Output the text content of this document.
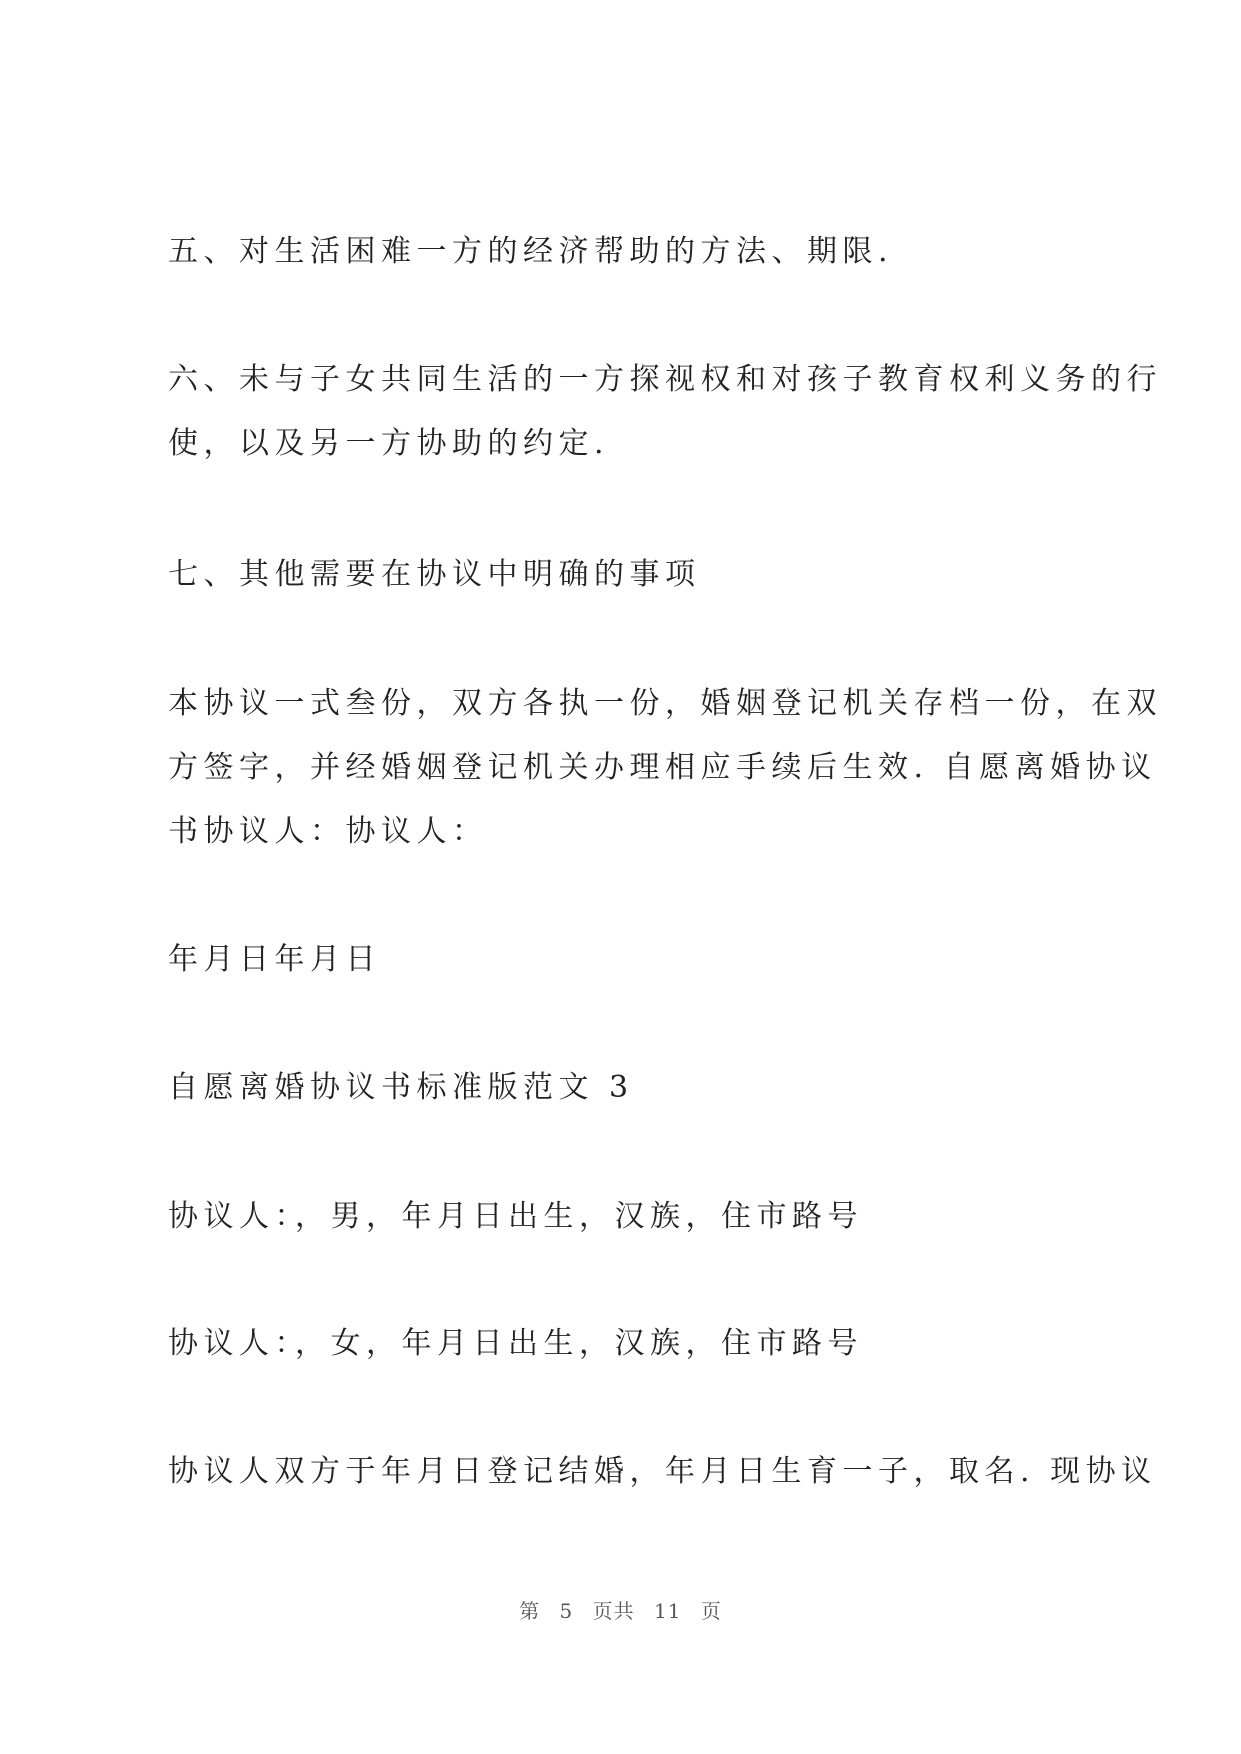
五、对生活困难一方的经济帮助的方法、期限.
六、未与子女共同生活的一方探视权和对孩子教育权利义务的行
使，以及另一方协助的约定.
七、其他需要在协议中明确的事项
本协议一式叁份，双方各执一份，婚姻登记机关存档一份，在双
方签字，并经婚姻登记机关办理相应手续后生效. 自愿离婚协议
书协议人：协议人：
年月日年月日
自愿离婚协议书标准版范文 3
协议人：，男，年月日出生，汉族，住市路号
协议人：，女，年月日出生，汉族，住市路号
协议人双方于年月日登记结婚，年月日生育一子，取名. 现协议
第 5 页共 11 页
